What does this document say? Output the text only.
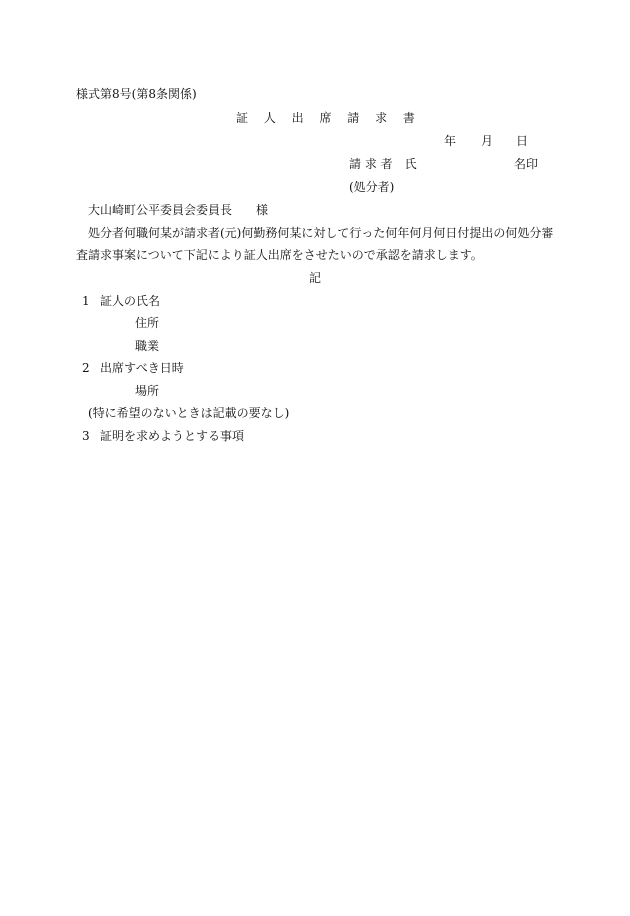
様式第8号(第8条関係)
証 人 出 席 請 求 書
年 月 日
請 求 者　氏	名印
(処分者)
大山崎町公平委員会委員長　　様
処分者何職何某が請求者(元)何勤務何某に対して行った何年何月何日付提出の何処分審
査請求事案について下記により証人出席をさせたいので承認を請求します。
記
1 証人の氏名
住所
職業
2 出席すべき日時
場所
(特に希望のないときは記載の要なし)
3 証明を求めようとする事項
